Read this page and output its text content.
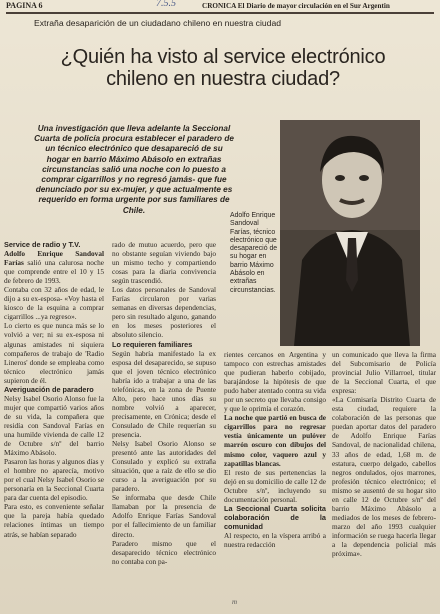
PAGINA 6	7.5.5	CRONICA El Diario de mayor circulación en el Sur Argentin
Extraña desaparición de un ciudadano chileno en nuestra ciudad
¿Quién ha visto al service electrónico
chileno en nuestra ciudad?
Una investigación que lleva adelante la Seccional Cuarta de policía procura establecer el paradero de un técnico electrónico que desapareció de su hogar en barrio Máximo Abásolo en extrañas circunstancias salió una noche con lo puesto a comprar cigarrillos y no regresó jamás- que fue denunciado por su ex-mujer, y que actualmente es requerido en forma urgente por sus familiares de Chile.
Adolfo Enrique Sandoval Farías, técnico electrónico que desapareció de su hogar en barrio Máximo Abásolo en extrañas circunstancias.

Service de radio y T.V.

Adolfo Enrique Sandoval Farías salió una calurosa noche que comprende entre el 10 y 15 de febrero de 1993.

Contaba con 32 años de edad, le dijo a su ex-esposa- «Voy hasta el kiosco de la esquina a comprar cigarrillos ...ya regreso».

Lo cierto es que nunca más se lo volvió a ver; ni su ex-esposa ni algunas amistades ni siquiera compañeros de trabajo de 'Radio Lineros' donde se empleaba como técnico electrónico jamás supieron de él.

Averiguación de paradero

Nelsy Isabel Osorio Alonso fue la mujer que compartió varios años de su vida, la compañera que residía con Sandoval Farías en una humilde vivienda de calle 12 de Octubre s/nº del barrio Máximo Abásolo.

Pasaron las horas y algunos días y el hombre no aparecía, motivo por el cual Nelsy Isabel Osorio se personaría en la Seccional Cuarta para dar cuenta del episodio.

Para esto, es conveniente señalar que la pareja había quedado relaciones íntimas un tiempo atrás, se habían separado

rado de mutuo acuerdo, pero que no obstante seguían viviendo bajo un mismo techo y compartiendo cosas para la diaria convivencia según trascendió.

Los datos personales de Sandoval Farías circularon por varias semanas en diversas dependencias, pero sin resultado alguno, ganando en los meses posteriores el absoluto silencio.

Lo requieren familiares

Según habría manifestado la ex esposa del desaparecido, se supuso que el joven técnico electrónico habría ido a trabajar a una de las telefónicas, en la zona de Puente Alto, pero hace unos días su nombre volvió a aparecer, precisamente, en Crónica; desde el Consulado de Chile requerían su presencia.

Nelsy Isabel Osorio Alonso se presentó ante las autoridades del Consulado y explicó su extraña situación, que a raíz de ello se dio curso a la averiguación por su paradero.

Se informaba que desde Chile llamaban por la presencia de Adolfo Enrique Farías Sandoval por el fallecimiento de un familiar directo.

Paradero mismo que el desaparecido técnico electrónico no contaba con pa-

rientes cercanos en Argentina y tampoco con estrechas amistades que pudieran haberlo cobijado, barajándose la hipótesis de que pudo haber atentado contra su vida por un secreto que llevaba consigo y que le oprimía el corazón.

La noche que partió en busca de cigarrillos para no regresar vestía únicamente un pulóver marrón oscuro con dibujos del mismo color, vaquero azul y zapatillas blancas.

El resto de sus pertenencias la dejó en su domicilio de calle 12 de Octubre s/nº, incluyendo su documentación personal.

La Seccional Cuarta solicita colaboración de la comunidad

Al respecto, en la víspera arribó a nuestra redacción

un comunicado que lleva la firma del Subcomisario de Policía provincial Julio Villarroel, titular de la Seccional Cuarta, el que expresa:

«La Comisaría Distrito Cuarta de esta ciudad, requiere la colaboración de las personas que puedan aportar datos del paradero de Adolfo Enrique Farías Sandoval, de nacionalidad chilena, 33 años de edad, 1,68 m. de estatura, cuerpo delgado, cabellos negros ondulados, ojos marrones, profesión técnico electrónico; el mismo se ausentó de su hogar sito en calle 12 de Octubre s/nº del barrio Máximo Abásolo a mediados de los meses de febrero-marzo del año 1993 cualquier información se ruega hacerla llegar a la dependencia policial más próxima».

m
